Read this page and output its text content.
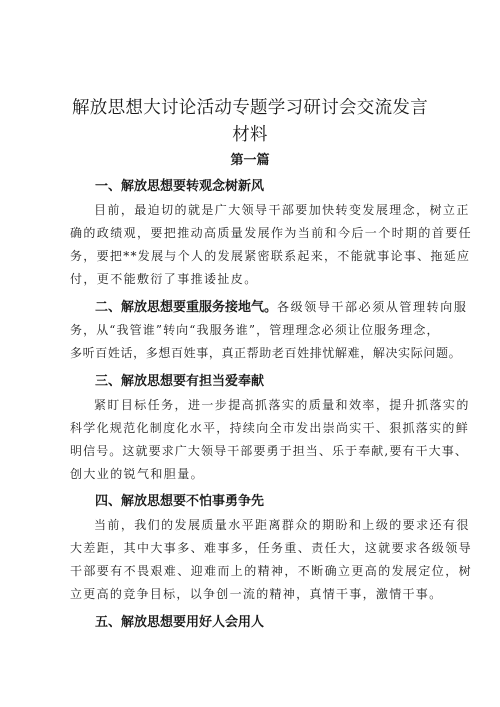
解放思想大讨论活动专题学习研讨会交流发言
材料
第一篇
一、解放思想要转观念树新风
目前，最迫切的就是广大领导干部要加快转变发展理念，树立正
确的政绩观，要把推动高质量发展作为当前和今后一个时期的首要任
务，要把**发展与个人的发展紧密联系起来，不能就事论事、拖延应
付，更不能敷衍了事推诿扯皮。
二、解放思想要重服务接地气。各级领导干部必须从管理转向服
务，从“我管谁”转向“我服务谁”，管理理念必须让位服务理念，
多听百姓话，多想百姓事，真正帮助老百姓排忧解难，解决实际问题。
三、解放思想要有担当爱奉献
紧盯目标任务，进一步提高抓落实的质量和效率，提升抓落实的
科学化规范化制度化水平，持续向全市发出崇尚实干、狠抓落实的鲜
明信号。这就要求广大领导干部要勇于担当、乐于奉献,要有干大事、
创大业的锐气和胆量。
四、解放思想要不怕事勇争先
当前，我们的发展质量水平距离群众的期盼和上级的要求还有很
大差距，其中大事多、难事多，任务重、责任大，这就要求各级领导
干部要有不畏艰难、迎难而上的精神，不断确立更高的发展定位，树
立更高的竞争目标，以争创一流的精神，真情干事，激情干事。
五、解放思想要用好人会用人
